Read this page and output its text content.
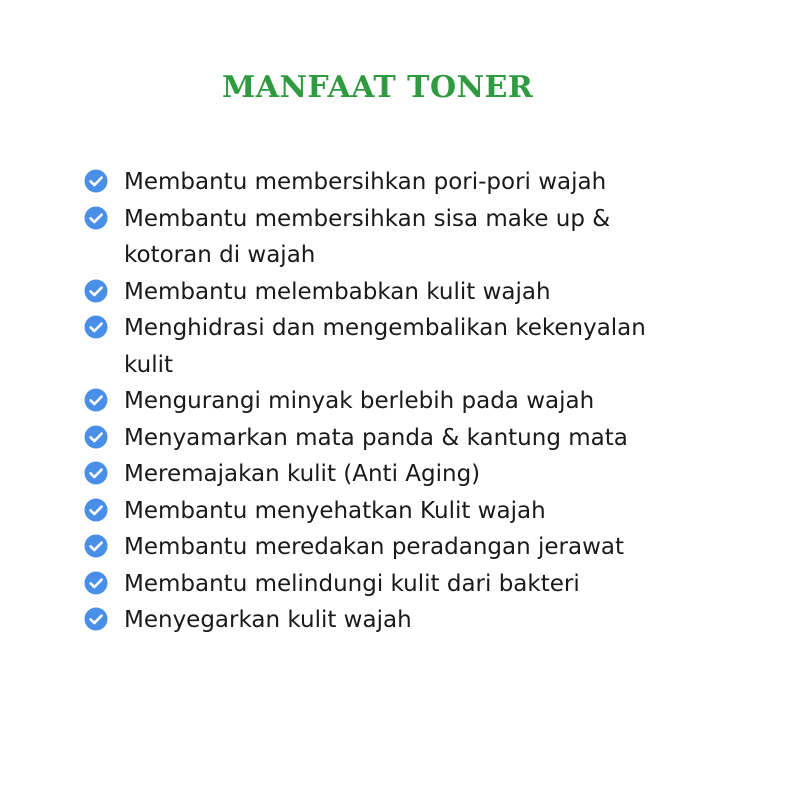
MANFAAT TONER
Membantu membersihkan pori-pori wajah
Membantu membersihkan sisa make up & kotoran di wajah
Membantu melembabkan kulit wajah
Menghidrasi dan mengembalikan kekenyalan kulit
Mengurangi minyak berlebih pada wajah
Menyamarkan mata panda & kantung mata
Meremajakan kulit (Anti Aging)
Membantu menyehatkan Kulit wajah
Membantu meredakan peradangan jerawat
Membantu melindungi kulit dari bakteri
Menyegarkan kulit wajah
